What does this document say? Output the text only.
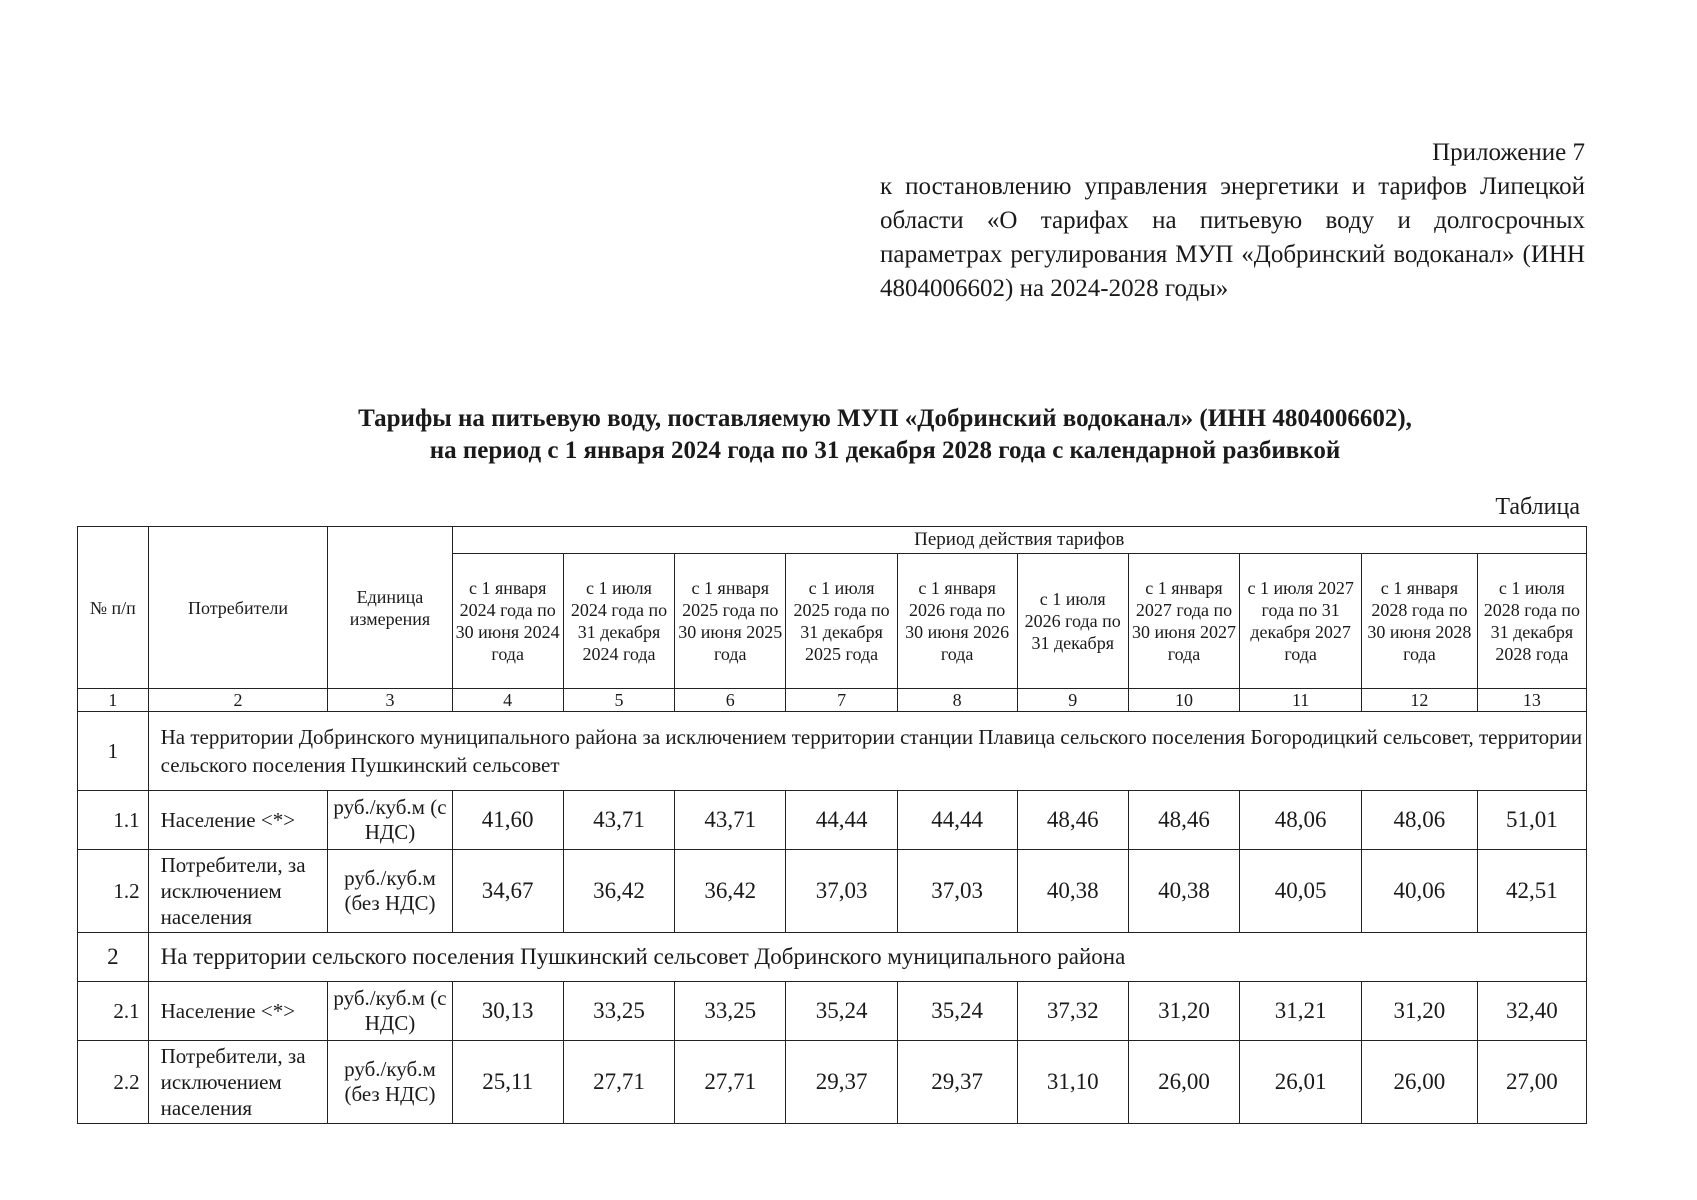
Приложение 7
к постановлению управления энергетики и тарифов Липецкой области «О тарифах на питьевую воду и долгосрочных параметрах регулирования МУП «Добринский водоканал» (ИНН 4804006602) на 2024-2028 годы»
Тарифы на питьевую воду, поставляемую МУП «Добринский водоканал» (ИНН 4804006602),
на период с 1 января 2024 года по 31 декабря 2028 года с календарной разбивкой
Таблица
№ п/п	Потребители	Единица измерения	Период действия тарифов									
			с 1 января 2024 года по 30 июня 2024 года	с 1 июля 2024 года по 31 декабря 2024 года	с 1 января 2025 года по 30 июня 2025 года	с 1 июля 2025 года по 31 декабря 2025 года	с 1 января 2026 года по 30 июня 2026 года	с 1 июля 2026 года по 31 декабря	с 1 января 2027 года по 30 июня 2027 года	с 1 июля 2027 года по 31 декабря 2027 года	с 1 января 2028 года по 30 июня 2028 года	с 1 июля 2028 года по 31 декабря 2028 года
1	2	3	4	5	6	7	8	9	10	11	12	13
1	На территории Добринского муниципального района за исключением территории станции Плавица сельского поселения Богородицкий сельсовет, территории сельского поселения Пушкинский сельсовет											
1.1	Население <*>	руб./куб.м (с НДС)	41,60	43,71	43,71	44,44	44,44	48,46	48,46	48,06	48,06	51,01
1.2	Потребители, за исключением населения	руб./куб.м (без НДС)	34,67	36,42	36,42	37,03	37,03	40,38	40,38	40,05	40,06	42,51
2	На территории сельского поселения Пушкинский сельсовет Добринского муниципального района											
2.1	Население <*>	руб./куб.м (с НДС)	30,13	33,25	33,25	35,24	35,24	37,32	31,20	31,21	31,20	32,40
2.2	Потребители, за исключением населения	руб./куб.м (без НДС)	25,11	27,71	27,71	29,37	29,37	31,10	26,00	26,01	26,00	27,00
